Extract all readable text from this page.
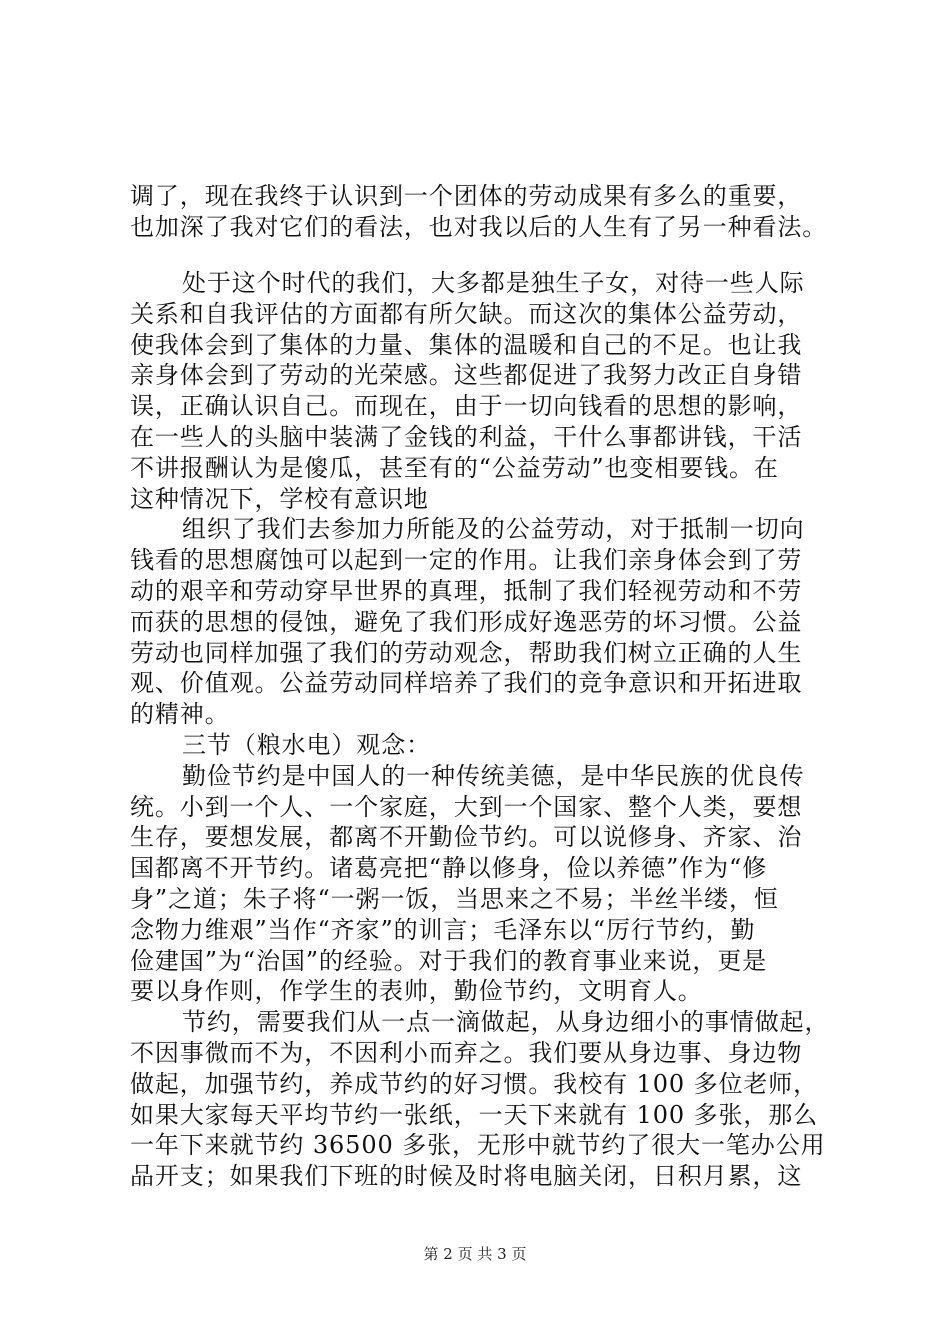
调了，现在我终于认识到一个团体的劳动成果有多么的重要，
也加深了我对它们的看法，也对我以后的人生有了另一种看法。
处于这个时代的我们，大多都是独生子女，对待一些人际
关系和自我评估的方面都有所欠缺。而这次的集体公益劳动，
使我体会到了集体的力量、集体的温暖和自己的不足。也让我
亲身体会到了劳动的光荣感。这些都促进了我努力改正自身错
误，正确认识自己。而现在，由于一切向钱看的思想的影响，
在一些人的头脑中装满了金钱的利益，干什么事都讲钱，干活
不讲报酬认为是傻瓜，甚至有的“公益劳动”也变相要钱。在
这种情况下，学校有意识地
组织了我们去参加力所能及的公益劳动，对于抵制一切向
钱看的思想腐蚀可以起到一定的作用。让我们亲身体会到了劳
动的艰辛和劳动穿早世界的真理，抵制了我们轻视劳动和不劳
而获的思想的侵蚀，避免了我们形成好逸恶劳的坏习惯。公益
劳动也同样加强了我们的劳动观念，帮助我们树立正确的人生
观、价值观。公益劳动同样培养了我们的竞争意识和开拓进取
的精神。
三节（粮水电）观念：
勤俭节约是中国人的一种传统美德，是中华民族的优良传
统。小到一个人、一个家庭，大到一个国家、整个人类，要想
生存，要想发展，都离不开勤俭节约。可以说修身、齐家、治
国都离不开节约。诸葛亮把“静以修身，俭以养德”作为“修
身”之道；朱子将“一粥一饭，当思来之不易；半丝半缕，恒
念物力维艰”当作“齐家”的训言；毛泽东以“厉行节约，勤
俭建国”为“治国”的经验。对于我们的教育事业来说，更是
要以身作则，作学生的表帅，勤俭节约，文明育人。
节约，需要我们从一点一滴做起，从身边细小的事情做起，
不因事微而不为，不因利小而弃之。我们要从身边事、身边物
做起，加强节约，养成节约的好习惯。我校有 100 多位老师，
如果大家每天平均节约一张纸，一天下来就有 100 多张，那么
一年下来就节约 36500 多张，无形中就节约了很大一笔办公用
品开支；如果我们下班的时候及时将电脑关闭，日积月累，这
第 2 页 共 3 页
